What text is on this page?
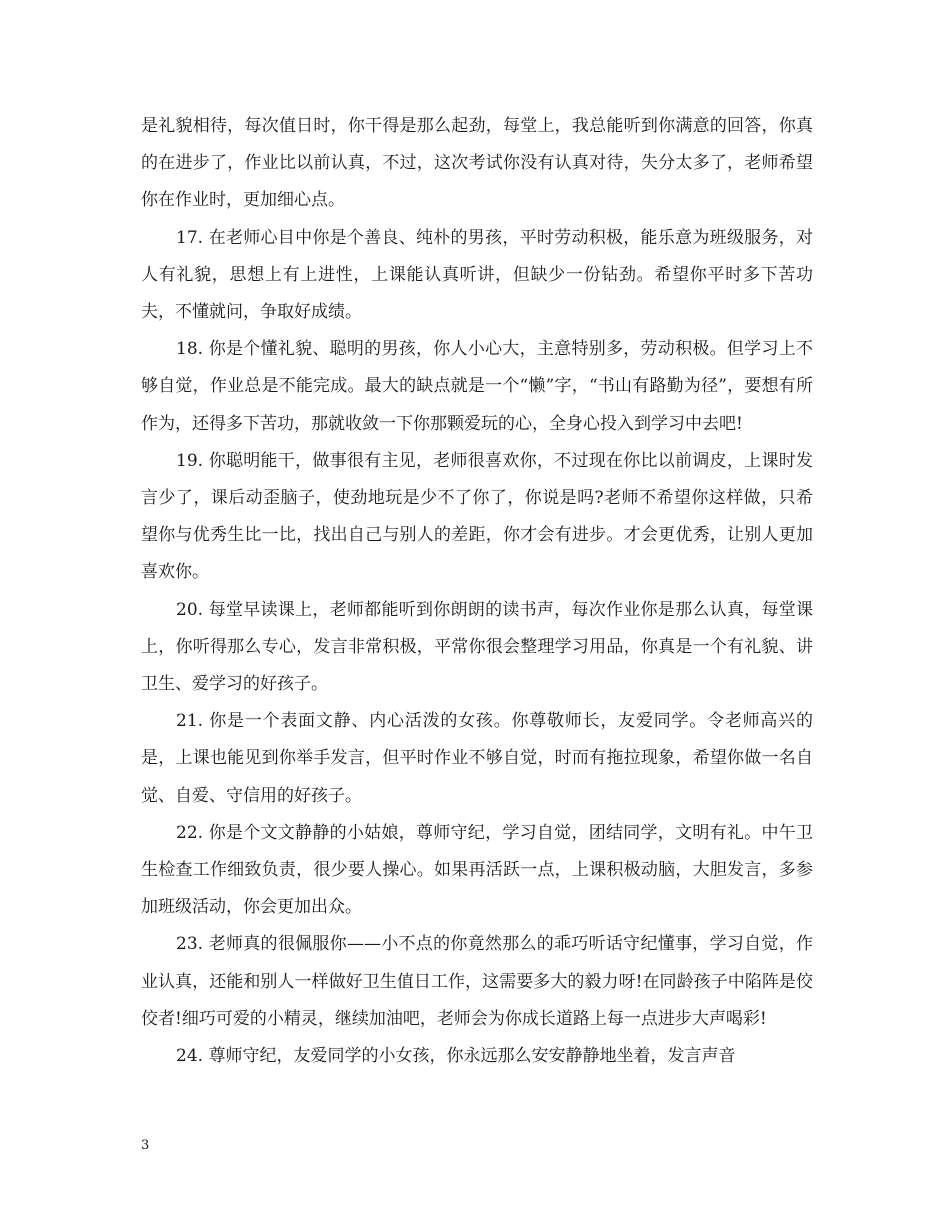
是礼貌相待，每次值日时，你干得是那么起劲，每堂上，我总能听到你满意的回答，你真的在进步了，作业比以前认真，不过，这次考试你没有认真对待，失分太多了，老师希望你在作业时，更加细心点。

17. 在老师心目中你是个善良、纯朴的男孩，平时劳动积极，能乐意为班级服务，对人有礼貌，思想上有上进性，上课能认真听讲，但缺少一份钻劲。希望你平时多下苦功夫，不懂就问，争取好成绩。

18. 你是个懂礼貌、聪明的男孩，你人小心大，主意特别多，劳动积极。但学习上不够自觉，作业总是不能完成。最大的缺点就是一个“懒”字，“书山有路勤为径”，要想有所作为，还得多下苦功，那就收敛一下你那颗爱玩的心，全身心投入到学习中去吧!

19. 你聪明能干，做事很有主见，老师很喜欢你，不过现在你比以前调皮，上课时发言少了，课后动歪脑子，使劲地玩是少不了你了，你说是吗?老师不希望你这样做，只希望你与优秀生比一比，找出自己与别人的差距，你才会有进步。才会更优秀，让别人更加喜欢你。

20. 每堂早读课上，老师都能听到你朗朗的读书声，每次作业你是那么认真，每堂课上，你听得那么专心，发言非常积极，平常你很会整理学习用品，你真是一个有礼貌、讲卫生、爱学习的好孩子。

21. 你是一个表面文静、内心活泼的女孩。你尊敬师长，友爱同学。令老师高兴的是，上课也能见到你举手发言，但平时作业不够自觉，时而有拖拉现象，希望你做一名自觉、自爱、守信用的好孩子。

22. 你是个文文静静的小姑娘，尊师守纪，学习自觉，团结同学，文明有礼。中午卫生检查工作细致负责，很少要人操心。如果再活跃一点，上课积极动脑，大胆发言，多参加班级活动，你会更加出众。

23. 老师真的很佩服你——小不点的你竟然那么的乖巧听话守纪懂事，学习自觉，作业认真，还能和别人一样做好卫生值日工作，这需要多大的毅力呀!在同龄孩子中陷阵是佼佼者!细巧可爱的小精灵，继续加油吧，老师会为你成长道路上每一点进步大声喝彩!

24. 尊师守纪，友爱同学的小女孩，你永远那么安安静静地坐着，发言声音

3
